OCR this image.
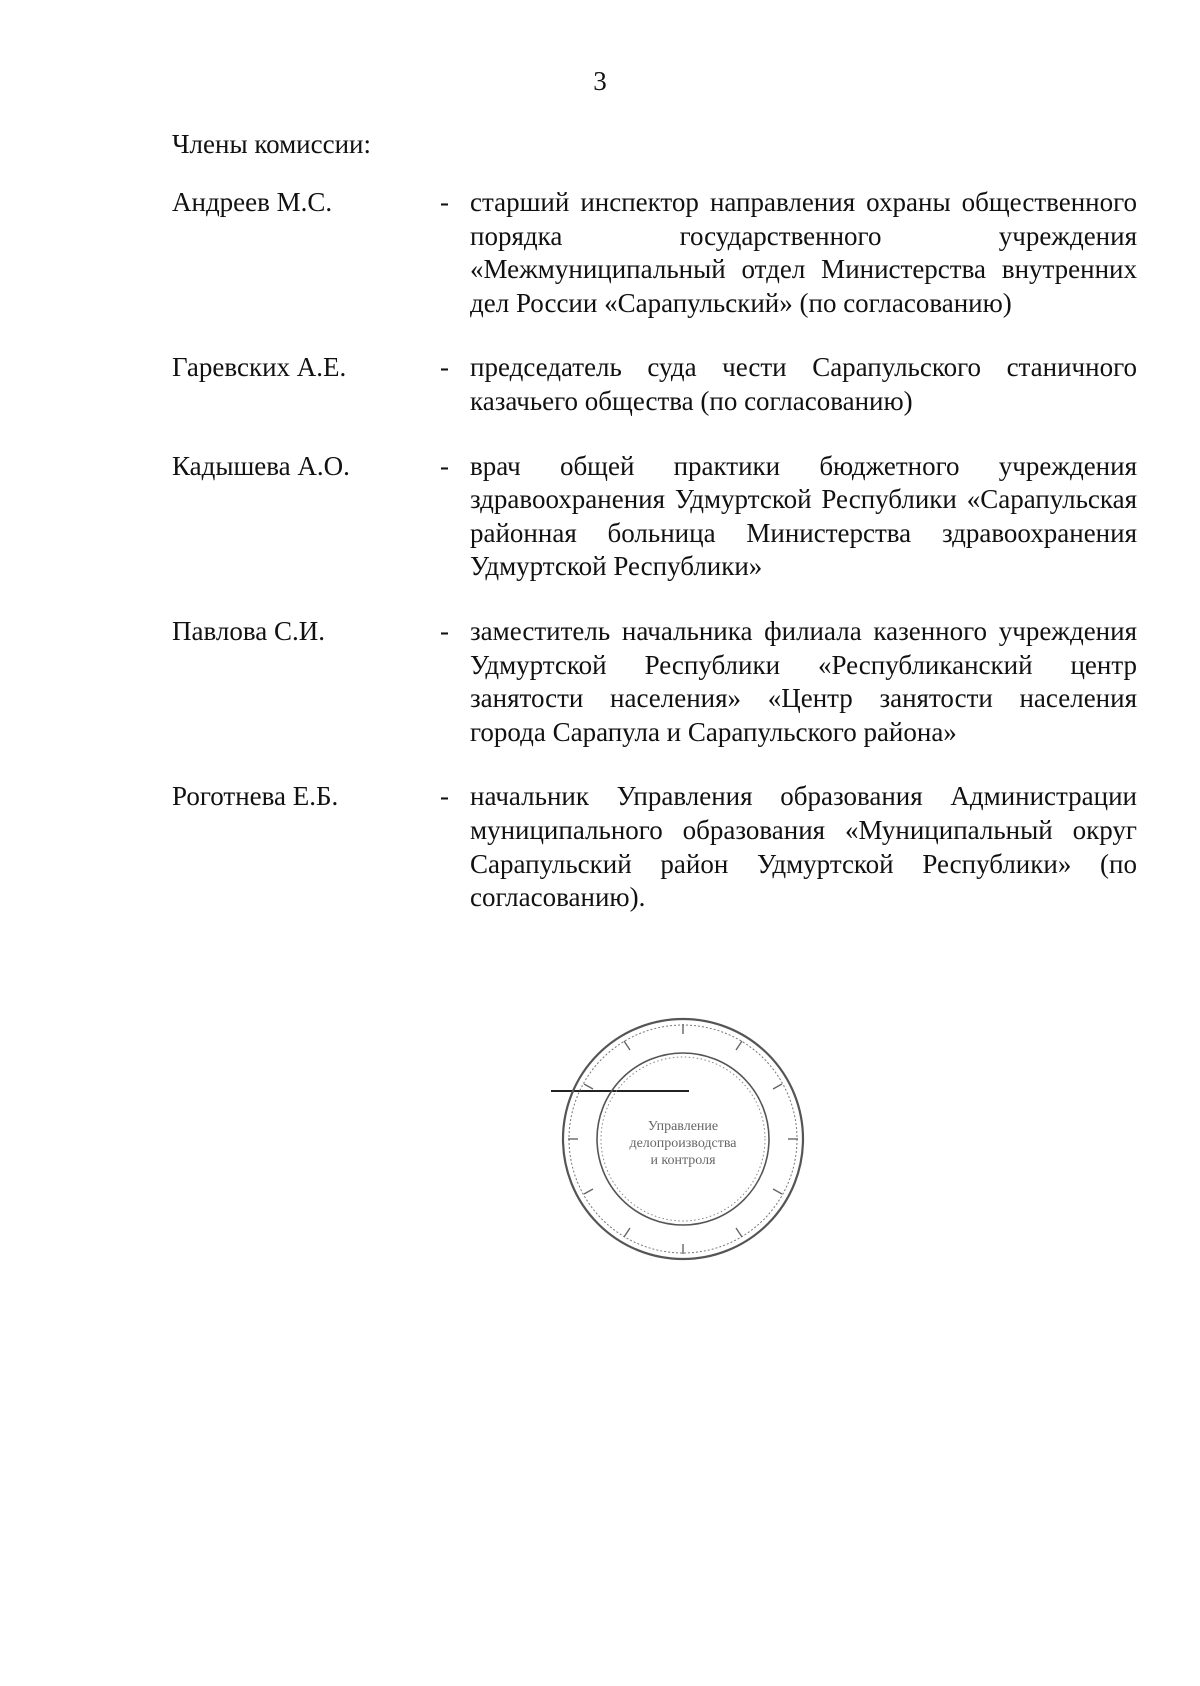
3
Члены комиссии:
Андреев М.С.	- старший инспектор направления охраны общественного порядка государственного учреждения «Межмуниципальный отдел Министерства внутренних дел России «Сарапульский» (по согласованию)
Гаревских А.Е.	- председатель суда чести Сарапульского станичного казачьего общества (по согласованию)
Кадышева А.О.	- врач общей практики бюджетного учреждения здравоохранения Удмуртской Республики «Сарапульская районная больница Министерства здравоохранения Удмуртской Республики»
Павлова С.И.	- заместитель начальника филиала казенного учреждения Удмуртской Республики «Республиканский центр занятости населения» «Центр занятости населения города Сарапула и Сарапульского района»
Роготнева Е.Б.	- начальник Управления образования Администрации муниципального образования «Муниципальный округ Сарапульский район Удмуртской Республики» (по согласованию).
Управление
делопроизводства
и контроля
